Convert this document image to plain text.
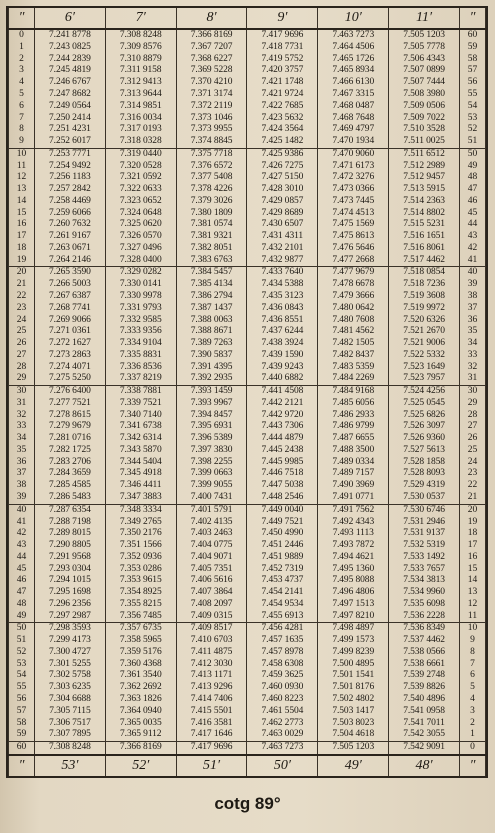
″	6′	7′	8′	9′	10′	11′	″
0	7.241 8778	7.308 8248	7.366 8169	7.417 9696	7.463 7273	7.505 1203	60
1	7.243 0825	7.309 8576	7.367 7207	7.418 7731	7.464 4506	7.505 7778	59
2	7.244 2839	7.310 8879	7.368 6227	7.419 5752	7.465 1726	7.506 4343	58
3	7.245 4819	7.311 9158	7.369 5228	7.420 3757	7.465 8934	7.507 0899	57
4	7.246 6767	7.312 9413	7.370 4210	7.421 1748	7.466 6130	7.507 7444	56
5	7.247 8682	7.313 9644	7.371 3174	7.421 9724	7.467 3315	7.508 3980	55
6	7.249 0564	7.314 9851	7.372 2119	7.422 7685	7.468 0487	7.509 0506	54
7	7.250 2414	7.316 0034	7.373 1046	7.423 5632	7.468 7648	7.509 7022	53
8	7.251 4231	7.317 0193	7.373 9955	7.424 3564	7.469 4797	7.510 3528	52
9	7.252 6017	7.318 0328	7.374 8845	7.425 1482	7.470 1934	7.511 0025	51
10	7.253 7771	7.319 0440	7.375 7718	7.425 9386	7.470 9060	7.511 6512	50
11	7.254 9492	7.320 0528	7.376 6572	7.426 7275	7.471 6173	7.512 2989	49
12	7.256 1183	7.321 0592	7.377 5408	7.427 5150	7.472 3276	7.512 9457	48
13	7.257 2842	7.322 0633	7.378 4226	7.428 3010	7.473 0366	7.513 5915	47
14	7.258 4469	7.323 0652	7.379 3026	7.429 0857	7.473 7445	7.514 2363	46
15	7.259 6066	7.324 0648	7.380 1809	7.429 8689	7.474 4513	7.514 8802	45
16	7.260 7632	7.325 0620	7.381 0574	7.430 6507	7.475 1569	7.515 5231	44
17	7.261 9167	7.326 0570	7.381 9321	7.431 4311	7.475 8613	7.516 1651	43
18	7.263 0671	7.327 0496	7.382 8051	7.432 2101	7.476 5646	7.516 8061	42
19	7.264 2146	7.328 0400	7.383 6763	7.432 9877	7.477 2668	7.517 4462	41
20	7.265 3590	7.329 0282	7.384 5457	7.433 7640	7.477 9679	7.518 0854	40
21	7.266 5003	7.330 0141	7.385 4134	7.434 5388	7.478 6678	7.518 7236	39
22	7.267 6387	7.330 9978	7.386 2794	7.435 3123	7.479 3666	7.519 3608	38
23	7.268 7741	7.331 9793	7.387 1437	7.436 0843	7.480 0642	7.519 9972	37
24	7.269 9066	7.332 9585	7.388 0063	7.436 8551	7.480 7608	7.520 6326	36
25	7.271 0361	7.333 9356	7.388 8671	7.437 6244	7.481 4562	7.521 2670	35
26	7.272 1627	7.334 9104	7.389 7263	7.438 3924	7.482 1505	7.521 9006	34
27	7.273 2863	7.335 8831	7.390 5837	7.439 1590	7.482 8437	7.522 5332	33
28	7.274 4071	7.336 8536	7.391 4395	7.439 9243	7.483 5359	7.523 1649	32
29	7.275 5250	7.337 8219	7.392 2935	7.440 6882	7.484 2269	7.523 7957	31
30	7.276 6400	7.338 7881	7.393 1459	7.441 4508	7.484 9168	7.524 4256	30
31	7.277 7521	7.339 7521	7.393 9967	7.442 2121	7.485 6056	7.525 0545	29
32	7.278 8615	7.340 7140	7.394 8457	7.442 9720	7.486 2933	7.525 6826	28
33	7.279 9679	7.341 6738	7.395 6931	7.443 7306	7.486 9799	7.526 3097	27
34	7.281 0716	7.342 6314	7.396 5389	7.444 4879	7.487 6655	7.526 9360	26
35	7.282 1725	7.343 5870	7.397 3830	7.445 2438	7.488 3500	7.527 5613	25
36	7.283 2706	7.344 5404	7.398 2255	7.445 9985	7.489 0334	7.528 1858	24
37	7.284 3659	7.345 4918	7.399 0663	7.446 7518	7.489 7157	7.528 8093	23
38	7.285 4585	7.346 4411	7.399 9055	7.447 5038	7.490 3969	7.529 4319	22
39	7.286 5483	7.347 3883	7.400 7431	7.448 2546	7.491 0771	7.530 0537	21
40	7.287 6354	7.348 3334	7.401 5791	7.449 0040	7.491 7562	7.530 6746	20
41	7.288 7198	7.349 2765	7.402 4135	7.449 7521	7.492 4343	7.531 2946	19
42	7.289 8015	7.350 2176	7.403 2463	7.450 4990	7.493 1113	7.531 9137	18
43	7.290 8805	7.351 1566	7.404 0775	7.451 2446	7.493 7872	7.532 5319	17
44	7.291 9568	7.352 0936	7.404 9071	7.451 9889	7.494 4621	7.533 1492	16
45	7.293 0304	7.353 0286	7.405 7351	7.452 7319	7.495 1360	7.533 7657	15
46	7.294 1015	7.353 9615	7.406 5616	7.453 4737	7.495 8088	7.534 3813	14
47	7.295 1698	7.354 8925	7.407 3864	7.454 2141	7.496 4806	7.534 9960	13
48	7.296 2356	7.355 8215	7.408 2097	7.454 9534	7.497 1513	7.535 6098	12
49	7.297 2987	7.356 7485	7.409 0315	7.455 6913	7.497 8210	7.536 2228	11
50	7.298 3593	7.357 6735	7.409 8517	7.456 4281	7.498 4897	7.536 8349	10
51	7.299 4173	7.358 5965	7.410 6703	7.457 1635	7.499 1573	7.537 4462	9
52	7.300 4727	7.359 5176	7.411 4875	7.457 8978	7.499 8239	7.538 0566	8
53	7.301 5255	7.360 4368	7.412 3030	7.458 6308	7.500 4895	7.538 6661	7
54	7.302 5758	7.361 3540	7.413 1171	7.459 3625	7.501 1541	7.539 2748	6
55	7.303 6235	7.362 2692	7.413 9296	7.460 0930	7.501 8176	7.539 8826	5
56	7.304 6688	7.363 1826	7.414 7406	7.460 8223	7.502 4802	7.540 4896	4
57	7.305 7115	7.364 0940	7.415 5501	7.461 5504	7.503 1417	7.541 0958	3
58	7.306 7517	7.365 0035	7.416 3581	7.462 2773	7.503 8023	7.541 7011	2
59	7.307 7895	7.365 9112	7.417 1646	7.463 0029	7.504 4618	7.542 3055	1
60	7.308 8248	7.366 8169	7.417 9696	7.463 7273	7.505 1203	7.542 9091	0
″	53′	52′	51′	50′	49′	48′	″
cotg 89°
